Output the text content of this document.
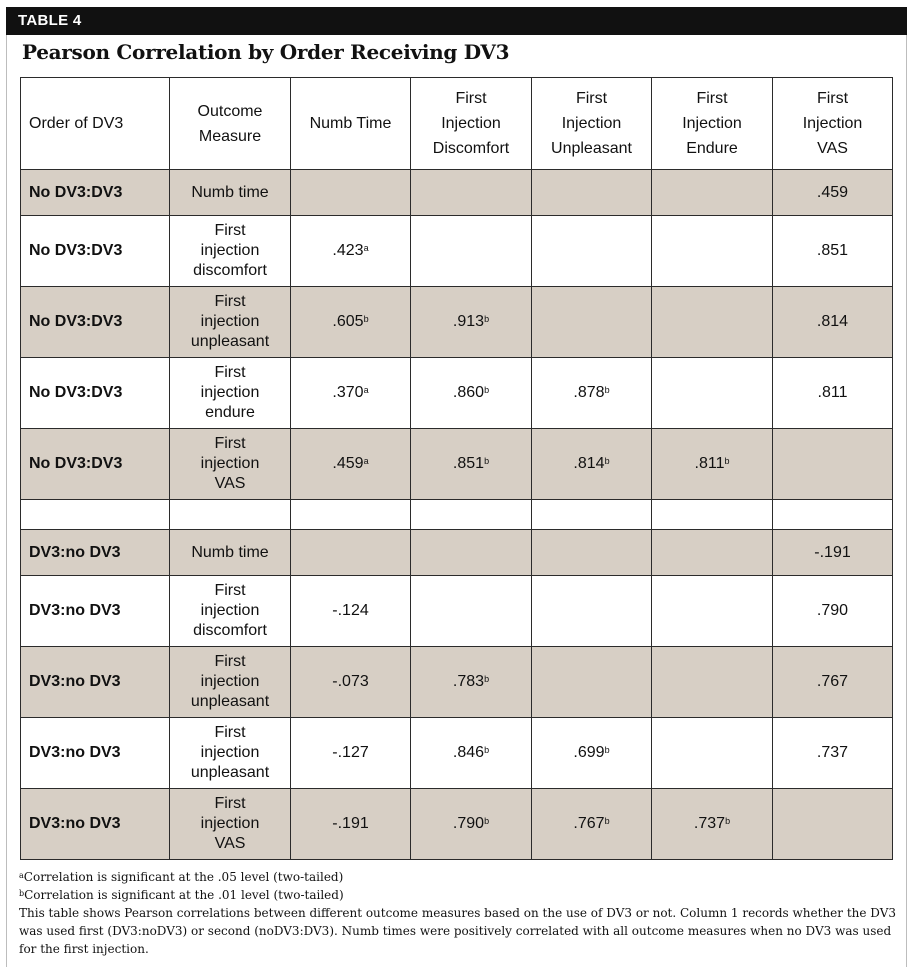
TABLE 4
Pearson Correlation by Order Receiving DV3
Order of DV3	Outcome
Measure	Numb Time	First
Injection
Discomfort	First
Injection
Unpleasant	First
Injection
Endure	First
Injection
VAS
No DV3:DV3	Numb time					.459
No DV3:DV3	First
injection
discomfort	.423$^a$				.851
No DV3:DV3	First
injection
unpleasant	.605$^b$	.913$^b$			.814
No DV3:DV3	First
injection
endure	.370$^a$	.860$^b$	.878$^b$		.811
No DV3:DV3	First
injection
VAS	.459$^a$	.851$^b$	.814$^b$	.811$^b$	

DV3:no DV3	Numb time					-.191
DV3:no DV3	First
injection
discomfort	-.124				.790
DV3:no DV3	First
injection
unpleasant	-.073	.783$^b$			.767
DV3:no DV3	First
injection
unpleasant	-.127	.846$^b$	.699$^b$		.737
DV3:no DV3	First
injection
VAS	-.191	.790$^b$	.767$^b$	.737$^b$	
$^a$Correlation is significant at the .05 level (two-tailed)
$^b$Correlation is significant at the .01 level (two-tailed)
This table shows Pearson correlations between different outcome measures based on the use of DV3 or not. Column 1 records whether the DV3 was used first (DV3:noDV3) or second (noDV3:DV3). Numb times were positively correlated with all outcome measures when no DV3 was used for the first injection.
